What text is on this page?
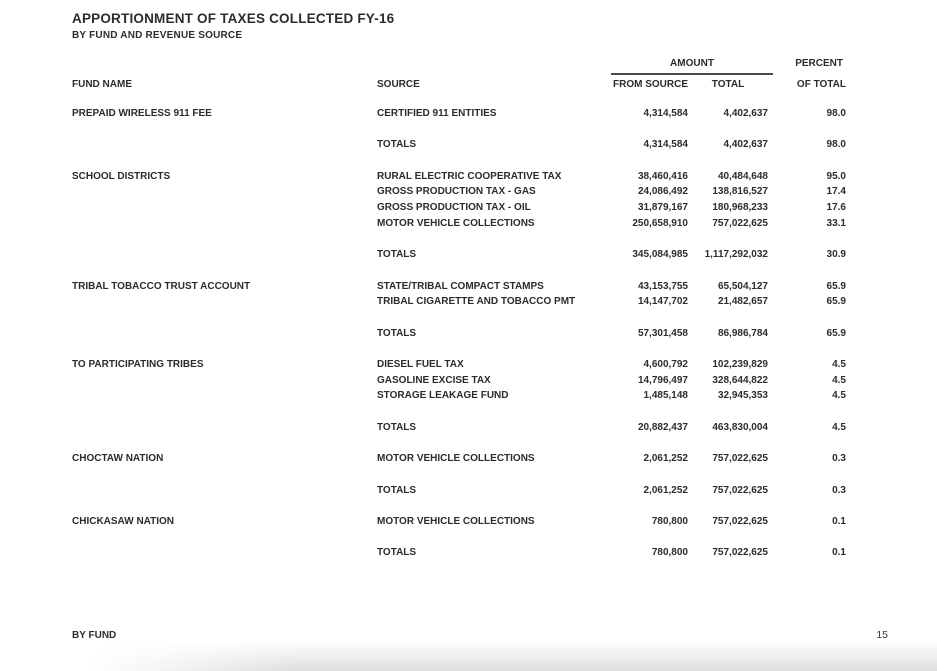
APPORTIONMENT OF TAXES COLLECTED FY-16
BY FUND AND REVENUE SOURCE
FUND NAME	SOURCE
AMOUNT
FROM SOURCE	TOTAL
PERCENT
OF TOTAL
PREPAID WIRELESS 911 FEE	CERTIFIED 911 ENTITIES	4,314,584	4,402,637	98.0
TOTALS	4,314,584	4,402,637	98.0
SCHOOL DISTRICTS	RURAL ELECTRIC COOPERATIVE TAX	38,460,416	40,484,648	95.0
GROSS PRODUCTION TAX - GAS	24,086,492	138,816,527	17.4
GROSS PRODUCTION TAX - OIL	31,879,167	180,968,233	17.6
MOTOR VEHICLE COLLECTIONS	250,658,910	757,022,625	33.1
TOTALS	345,084,985	1,117,292,032	30.9
TRIBAL TOBACCO TRUST ACCOUNT	STATE/TRIBAL COMPACT STAMPS	43,153,755	65,504,127	65.9
TRIBAL CIGARETTE AND TOBACCO PMT	14,147,702	21,482,657	65.9
TOTALS	57,301,458	86,986,784	65.9
TO PARTICIPATING TRIBES	DIESEL FUEL TAX	4,600,792	102,239,829	4.5
GASOLINE EXCISE TAX	14,796,497	328,644,822	4.5
STORAGE LEAKAGE FUND	1,485,148	32,945,353	4.5
TOTALS	20,882,437	463,830,004	4.5
CHOCTAW NATION	MOTOR VEHICLE COLLECTIONS	2,061,252	757,022,625	0.3
TOTALS	2,061,252	757,022,625	0.3
CHICKASAW NATION	MOTOR VEHICLE COLLECTIONS	780,800	757,022,625	0.1
TOTALS	780,800	757,022,625	0.1
BY FUND	15
